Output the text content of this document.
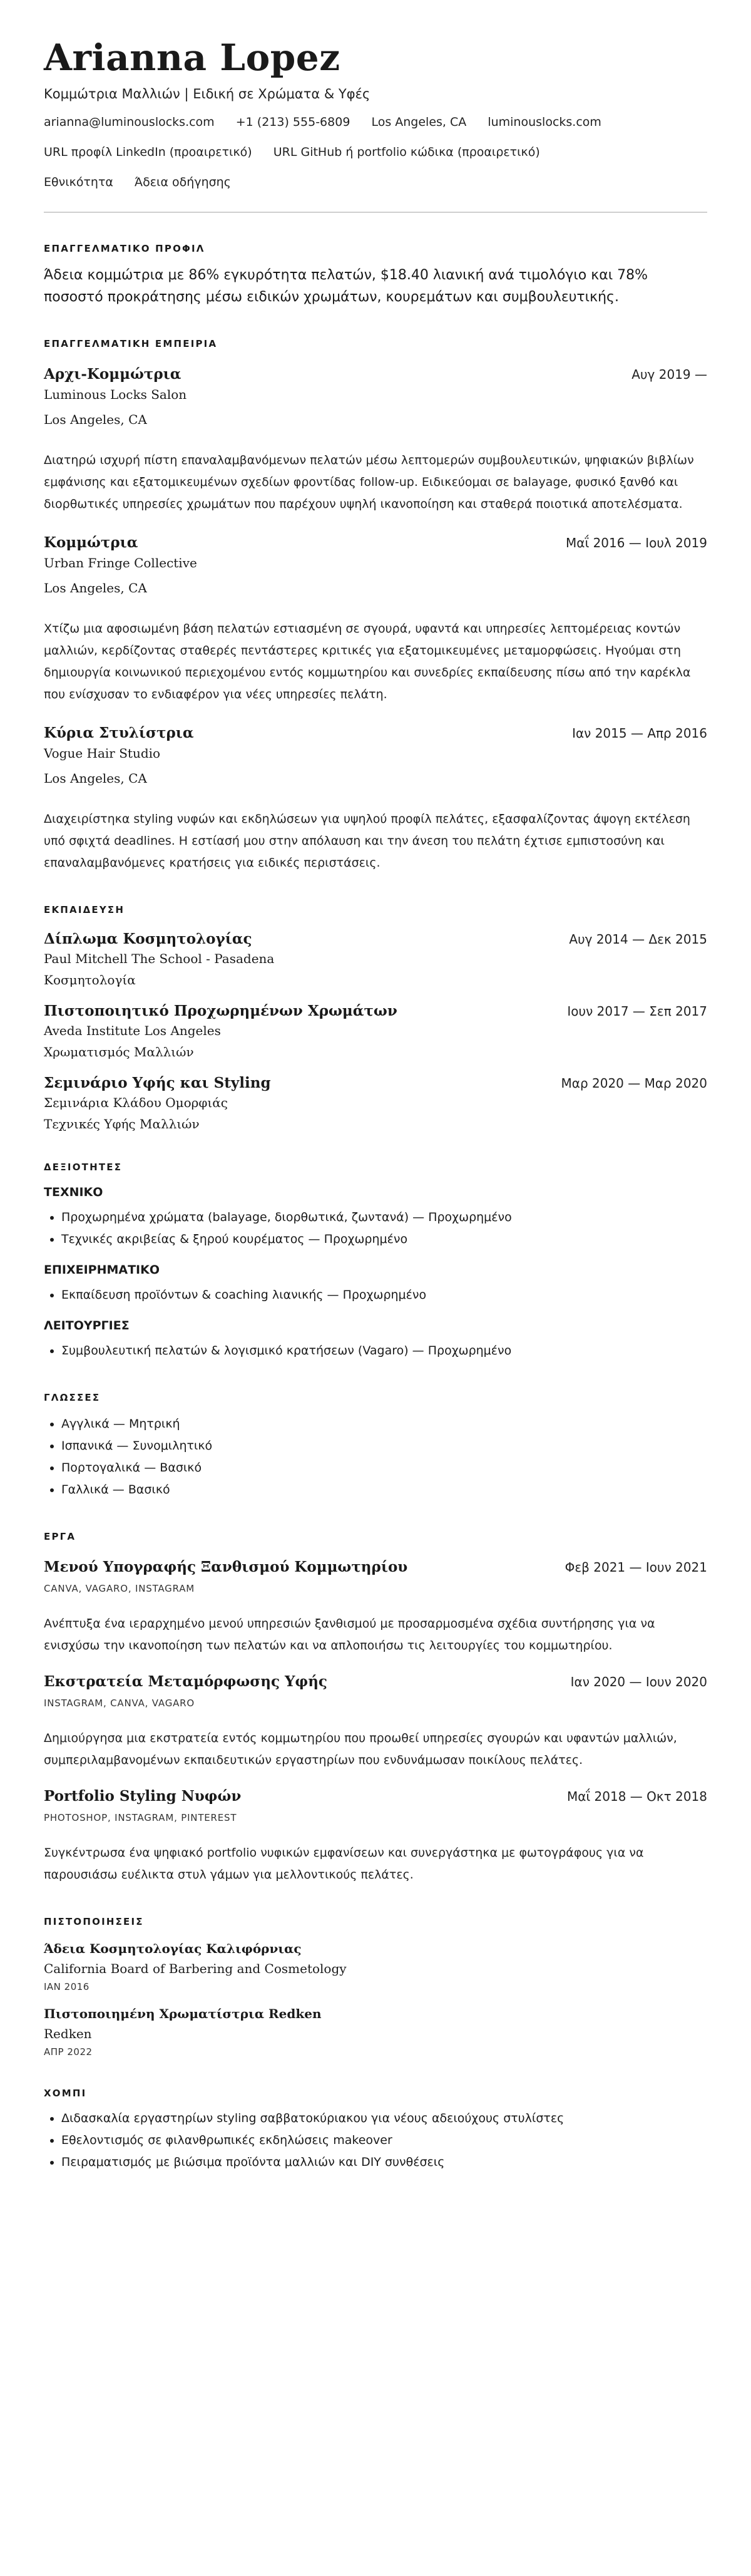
Arianna Lopez
Κομμώτρια Μαλλιών | Ειδική σε Χρώματα & Υφές
arianna@luminouslocks.com +1 (213) 555-6809 Los Angeles, CA luminouslocks.com
URL προφίλ LinkedIn (προαιρετικό) URL GitHub ή portfolio κώδικα (προαιρετικό)
Εθνικότητα Άδεια οδήγησης
ΕΠΑΓΓΕΛΜΑΤΙΚΟ ΠΡΟΦΙΛ
Άδεια κομμώτρια με 86% εγκυρότητα πελατών, $18.40 λιανική ανά τιμολόγιο και 78% ποσοστό προκράτησης μέσω ειδικών χρωμάτων, κουρεμάτων και συμβουλευτικής.
ΕΠΑΓΓΕΛΜΑΤΙΚΗ ΕΜΠΕΙΡΙΑ
Αρχι-Κομμώτρια	Αυγ 2019 —
Luminous Locks Salon
Los Angeles, CA
Διατηρώ ισχυρή πίστη επαναλαμβανόμενων πελατών μέσω λεπτομερών συμβουλευτικών, ψηφιακών βιβλίων εμφάνισης και εξατομικευμένων σχεδίων φροντίδας follow-up. Ειδικεύομαι σε balayage, φυσικό ξανθό και διορθωτικές υπηρεσίες χρωμάτων που παρέχουν υψηλή ικανοποίηση και σταθερά ποιοτικά αποτελέσματα.
Κομμώτρια	Μαΐ 2016 — Ιουλ 2019
Urban Fringe Collective
Los Angeles, CA
Χτίζω μια αφοσιωμένη βάση πελατών εστιασμένη σε σγουρά, υφαντά και υπηρεσίες λεπτομέρειας κοντών μαλλιών, κερδίζοντας σταθερές πεντάστερες κριτικές για εξατομικευμένες μεταμορφώσεις. Ηγούμαι στη δημιουργία κοινωνικού περιεχομένου εντός κομμωτηρίου και συνεδρίες εκπαίδευσης πίσω από την καρέκλα που ενίσχυσαν το ενδιαφέρον για νέες υπηρεσίες πελάτη.
Κύρια Στυλίστρια	Ιαν 2015 — Απρ 2016
Vogue Hair Studio
Los Angeles, CA
Διαχειρίστηκα styling νυφών και εκδηλώσεων για υψηλού προφίλ πελάτες, εξασφαλίζοντας άψογη εκτέλεση υπό σφιχτά deadlines. Η εστίασή μου στην απόλαυση και την άνεση του πελάτη έχτισε εμπιστοσύνη και επαναλαμβανόμενες κρατήσεις για ειδικές περιστάσεις.
ΕΚΠΑΙΔΕΥΣΗ
Δίπλωμα Κοσμητολογίας	Αυγ 2014 — Δεκ 2015
Paul Mitchell The School - Pasadena
Κοσμητολογία
Πιστοποιητικό Προχωρημένων Χρωμάτων	Ιουν 2017 — Σεπ 2017
Aveda Institute Los Angeles
Χρωματισμός Μαλλιών
Σεμινάριο Υφής και Styling	Μαρ 2020 — Μαρ 2020
Σεμινάρια Κλάδου Ομορφιάς
Τεχνικές Υφής Μαλλιών
ΔΕΞΙΟΤΗΤΕΣ
ΤΕΧΝΙΚΟ
• Προχωρημένα χρώματα (balayage, διορθωτικά, ζωντανά) — Προχωρημένο
• Τεχνικές ακριβείας & ξηρού κουρέματος — Προχωρημένο
ΕΠΙΧΕΙΡΗΜΑΤΙΚΟ
• Εκπαίδευση προϊόντων & coaching λιανικής — Προχωρημένο
ΛΕΙΤΟΥΡΓΙΕΣ
• Συμβουλευτική πελατών & λογισμικό κρατήσεων (Vagaro) — Προχωρημένο
ΓΛΩΣΣΕΣ
• Αγγλικά — Μητρική
• Ισπανικά — Συνομιλητικό
• Πορτογαλικά — Βασικό
• Γαλλικά — Βασικό
ΕΡΓΑ
Μενού Υπογραφής Ξανθισμού Κομμωτηρίου	Φεβ 2021 — Ιουν 2021
CANVA, VAGARO, INSTAGRAM
Ανέπτυξα ένα ιεραρχημένο μενού υπηρεσιών ξανθισμού με προσαρμοσμένα σχέδια συντήρησης για να ενισχύσω την ικανοποίηση των πελατών και να απλοποιήσω τις λειτουργίες του κομμωτηρίου.
Εκστρατεία Μεταμόρφωσης Υφής	Ιαν 2020 — Ιουν 2020
INSTAGRAM, CANVA, VAGARO
Δημιούργησα μια εκστρατεία εντός κομμωτηρίου που προωθεί υπηρεσίες σγουρών και υφαντών μαλλιών, συμπεριλαμβανομένων εκπαιδευτικών εργαστηρίων που ενδυνάμωσαν ποικίλους πελάτες.
Portfolio Styling Νυφών	Μαΐ 2018 — Οκτ 2018
PHOTOSHOP, INSTAGRAM, PINTEREST
Συγκέντρωσα ένα ψηφιακό portfolio νυφικών εμφανίσεων και συνεργάστηκα με φωτογράφους για να παρουσιάσω ευέλικτα στυλ γάμων για μελλοντικούς πελάτες.
ΠΙΣΤΟΠΟΙΗΣΕΙΣ
Άδεια Κοσμητολογίας Καλιφόρνιας
California Board of Barbering and Cosmetology
ΙΑΝ 2016
Πιστοποιημένη Χρωματίστρια Redken
Redken
ΑΠΡ 2022
ΧΟΜΠΙ
• Διδασκαλία εργαστηρίων styling σαββατοκύριακου για νέους αδειούχους στυλίστες
• Εθελοντισμός σε φιλανθρωπικές εκδηλώσεις makeover
• Πειραματισμός με βιώσιμα προϊόντα μαλλιών και DIY συνθέσεις
